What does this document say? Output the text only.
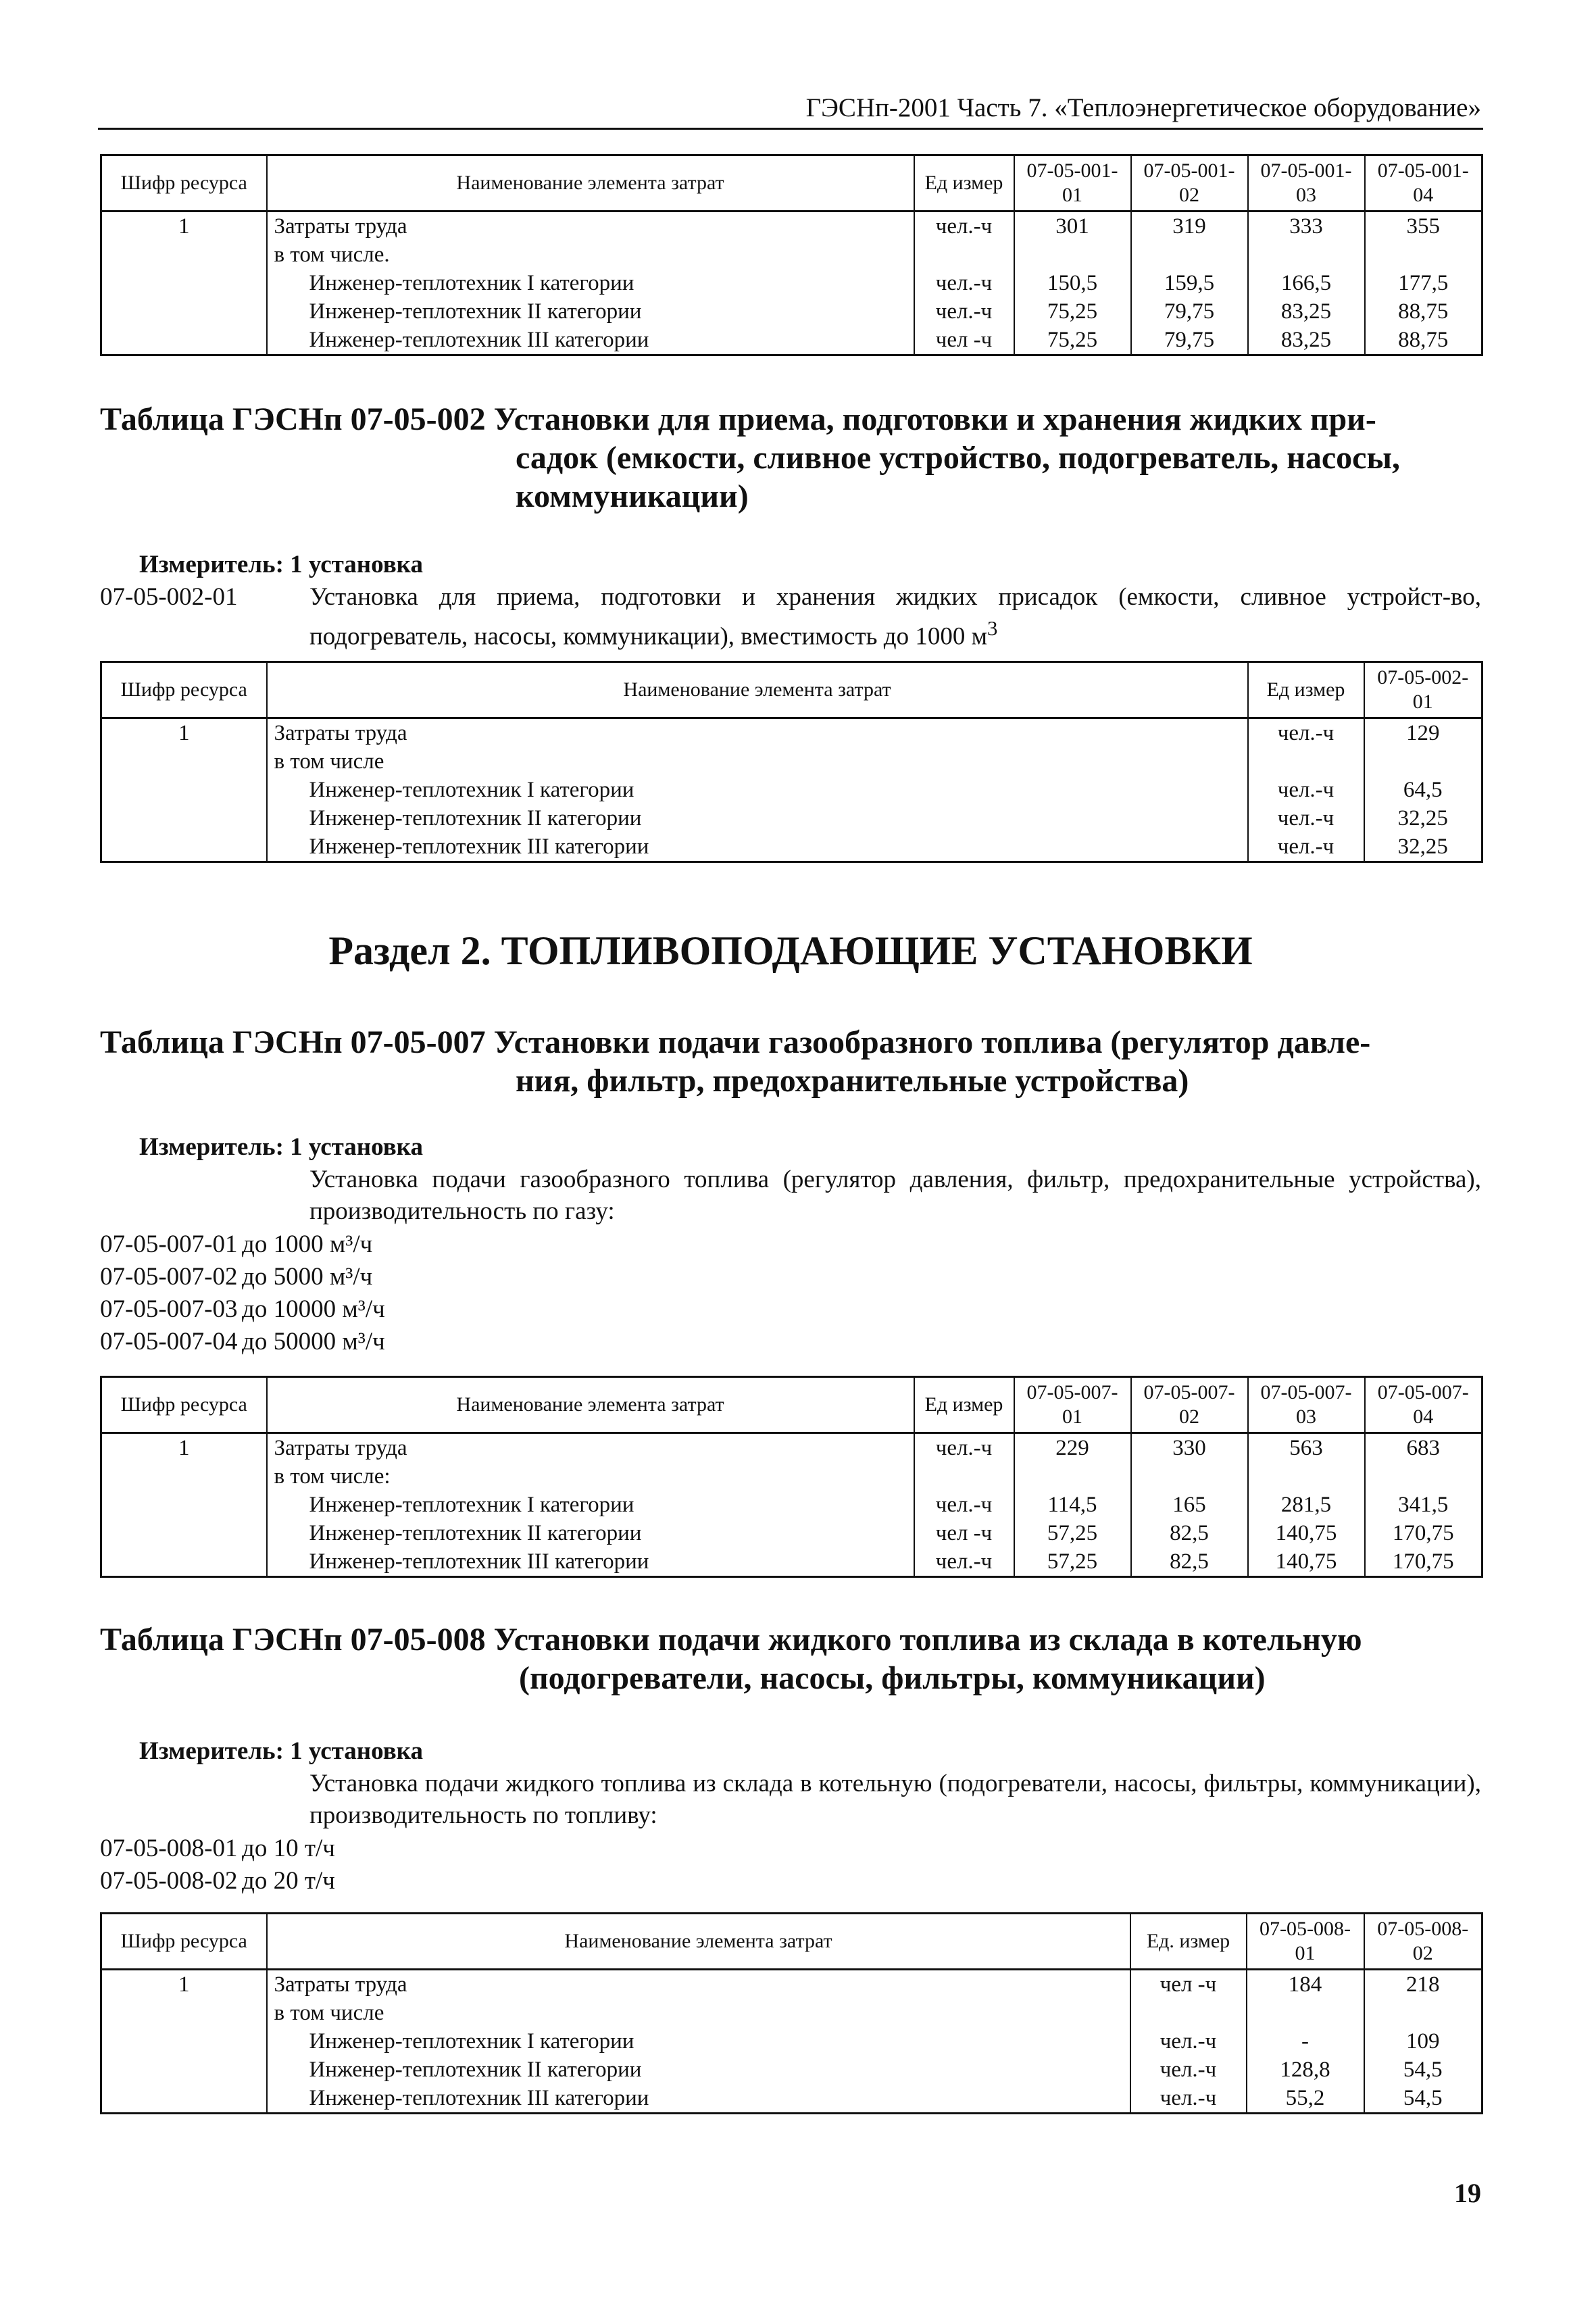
ГЭСНп-2001 Часть 7. «Теплоэнергетическое оборудование»
Шифр ресурса	Наименование элемента затрат	Ед измер	07-05-001-01	07-05-001-02	07-05-001-03	07-05-001-04
1	Затраты труда	чел.-ч	301	319	333	355
	в том числе.					
	Инженер-теплотехник I категории	чел.-ч	150,5	159,5	166,5	177,5
	Инженер-теплотехник II категории	чел.-ч	75,25	79,75	83,25	88,75
	Инженер-теплотехник III категории	чел -ч	75,25	79,75	83,25	88,75
Таблица ГЭСНп 07-05-002 Установки для приема, подготовки и хранения жидких при-
садок (емкости, сливное устройство, подогреватель, насосы,
коммуникации)
Измеритель: 1 установка
07-05-002-01	Установка для приема, подготовки и хранения жидких присадок (емкости, сливное устройст-во, подогреватель, насосы, коммуникации), вместимость до 1000 $м^3$
Шифр ресурса	Наименование элемента затрат	Ед измер	07-05-002-01
1	Затраты труда	чел.-ч	129
	в том числе		
	Инженер-теплотехник I категории	чел.-ч	64,5
	Инженер-теплотехник II категории	чел.-ч	32,25
	Инженер-теплотехник III категории	чел.-ч	32,25
Раздел 2. ТОПЛИВОПОДАЮЩИЕ УСТАНОВКИ
Таблица ГЭСНп 07-05-007 Установки подачи газообразного топлива (регулятор давле-
ния, фильтр, предохранительные устройства)
Измеритель: 1 установка
Установка подачи газообразного топлива (регулятор давления, фильтр, предохранительные устройства), производительность по газу:
07-05-007-01 до 1000 м³/ч
07-05-007-02 до 5000 м³/ч
07-05-007-03 до 10000 м³/ч
07-05-007-04 до 50000 м³/ч
Шифр ресурса	Наименование элемента затрат	Ед измер	07-05-007-01	07-05-007-02	07-05-007-03	07-05-007-04
1	Затраты труда	чел.-ч	229	330	563	683
	в том числе:					
	Инженер-теплотехник I категории	чел.-ч	114,5	165	281,5	341,5
	Инженер-теплотехник II категории	чел -ч	57,25	82,5	140,75	170,75
	Инженер-теплотехник III категории	чел.-ч	57,25	82,5	140,75	170,75
Таблица ГЭСНп 07-05-008 Установки подачи жидкого топлива из склада в котельную
(подогреватели, насосы, фильтры, коммуникации)
Измеритель: 1 установка
Установка подачи жидкого топлива из склада в котельную (подогреватели, насосы, фильтры, коммуникации), производительность по топливу:
07-05-008-01 до 10 т/ч
07-05-008-02 до 20 т/ч
Шифр ресурса	Наименование элемента затрат	Ед. измер	07-05-008-01	07-05-008-02
1	Затраты труда	чел -ч	184	218
	в том числе			
	Инженер-теплотехник I категории	чел.-ч	-	109
	Инженер-теплотехник II категории	чел.-ч	128,8	54,5
	Инженер-теплотехник III категории	чел.-ч	55,2	54,5
19
